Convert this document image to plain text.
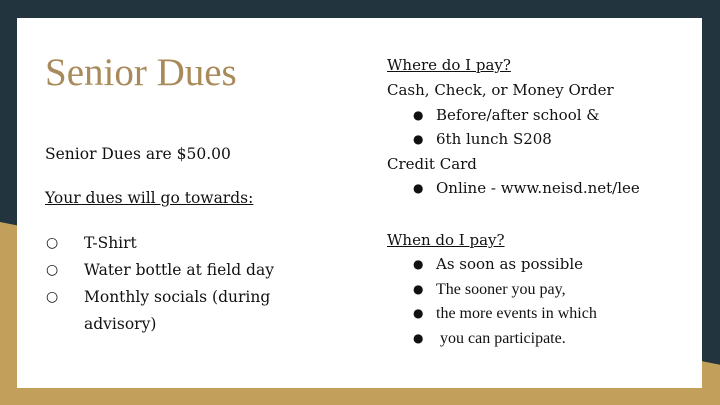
Senior Dues
Senior Dues are $50.00
Your dues will go towards:
○ T-Shirt
○ Water bottle at field day
○ Monthly socials (during advisory)
Where do I pay?
Cash, Check, or Money Order
● Before/after school &
● 6th lunch S208
Credit Card
● Online - www.neisd.net/lee
When do I pay?
● As soon as possible
● The sooner you pay,
● the more events in which
● you can participate.
